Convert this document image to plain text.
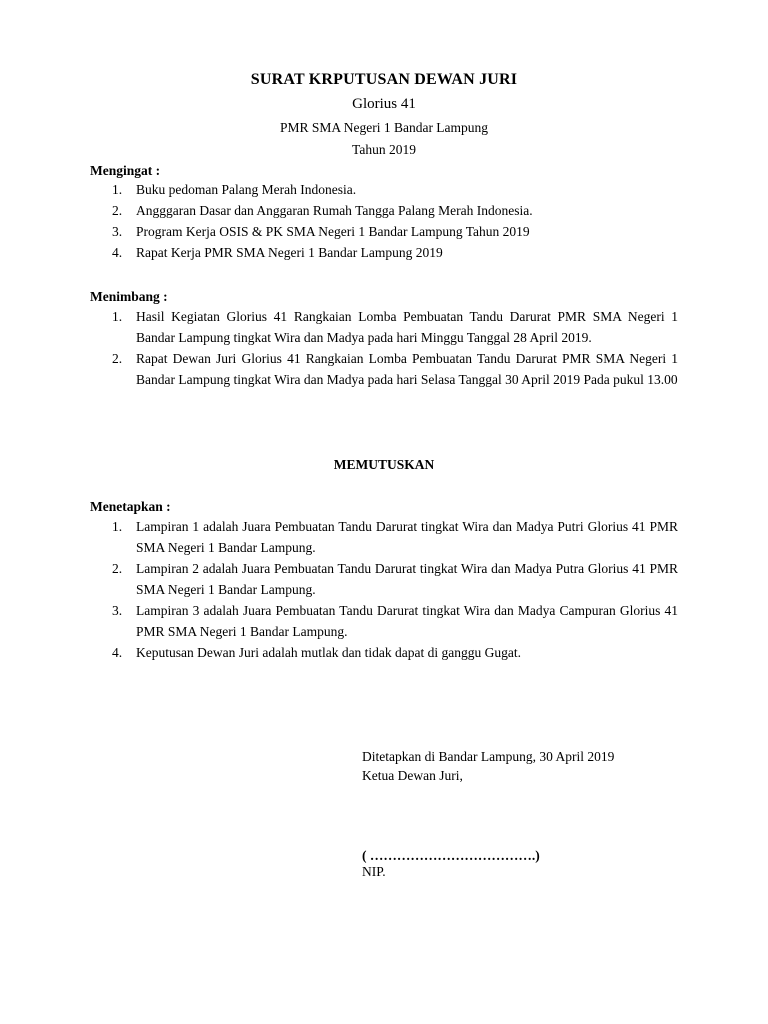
SURAT KRPUTUSAN DEWAN JURI
Glorius 41
PMR SMA Negeri 1 Bandar Lampung
Tahun 2019
Mengingat :
1. Buku pedoman Palang Merah Indonesia.
2. Angggaran Dasar dan Anggaran Rumah Tangga Palang Merah Indonesia.
3. Program Kerja OSIS & PK SMA Negeri 1 Bandar Lampung Tahun 2019
4. Rapat Kerja PMR SMA Negeri 1 Bandar Lampung 2019
Menimbang :
1. Hasil Kegiatan Glorius 41 Rangkaian Lomba Pembuatan Tandu Darurat PMR SMA Negeri 1 Bandar Lampung tingkat Wira dan Madya pada hari Minggu Tanggal 28 April 2019.
2. Rapat Dewan Juri Glorius 41 Rangkaian Lomba Pembuatan Tandu Darurat PMR SMA Negeri 1 Bandar Lampung tingkat Wira dan Madya pada hari Selasa Tanggal 30 April 2019 Pada pukul 13.00
MEMUTUSKAN
Menetapkan :
1. Lampiran 1 adalah Juara Pembuatan Tandu Darurat tingkat Wira dan Madya Putri Glorius 41 PMR SMA Negeri 1 Bandar Lampung.
2. Lampiran 2 adalah Juara Pembuatan Tandu Darurat tingkat Wira dan Madya Putra Glorius 41 PMR SMA Negeri 1 Bandar Lampung.
3. Lampiran 3 adalah Juara Pembuatan Tandu Darurat tingkat Wira dan Madya Campuran Glorius 41 PMR SMA Negeri 1 Bandar Lampung.
4. Keputusan Dewan Juri adalah mutlak dan tidak dapat di ganggu Gugat.
Ditetapkan di Bandar Lampung, 30 April 2019
Ketua Dewan Juri,
( ……………………………….)
NIP.
